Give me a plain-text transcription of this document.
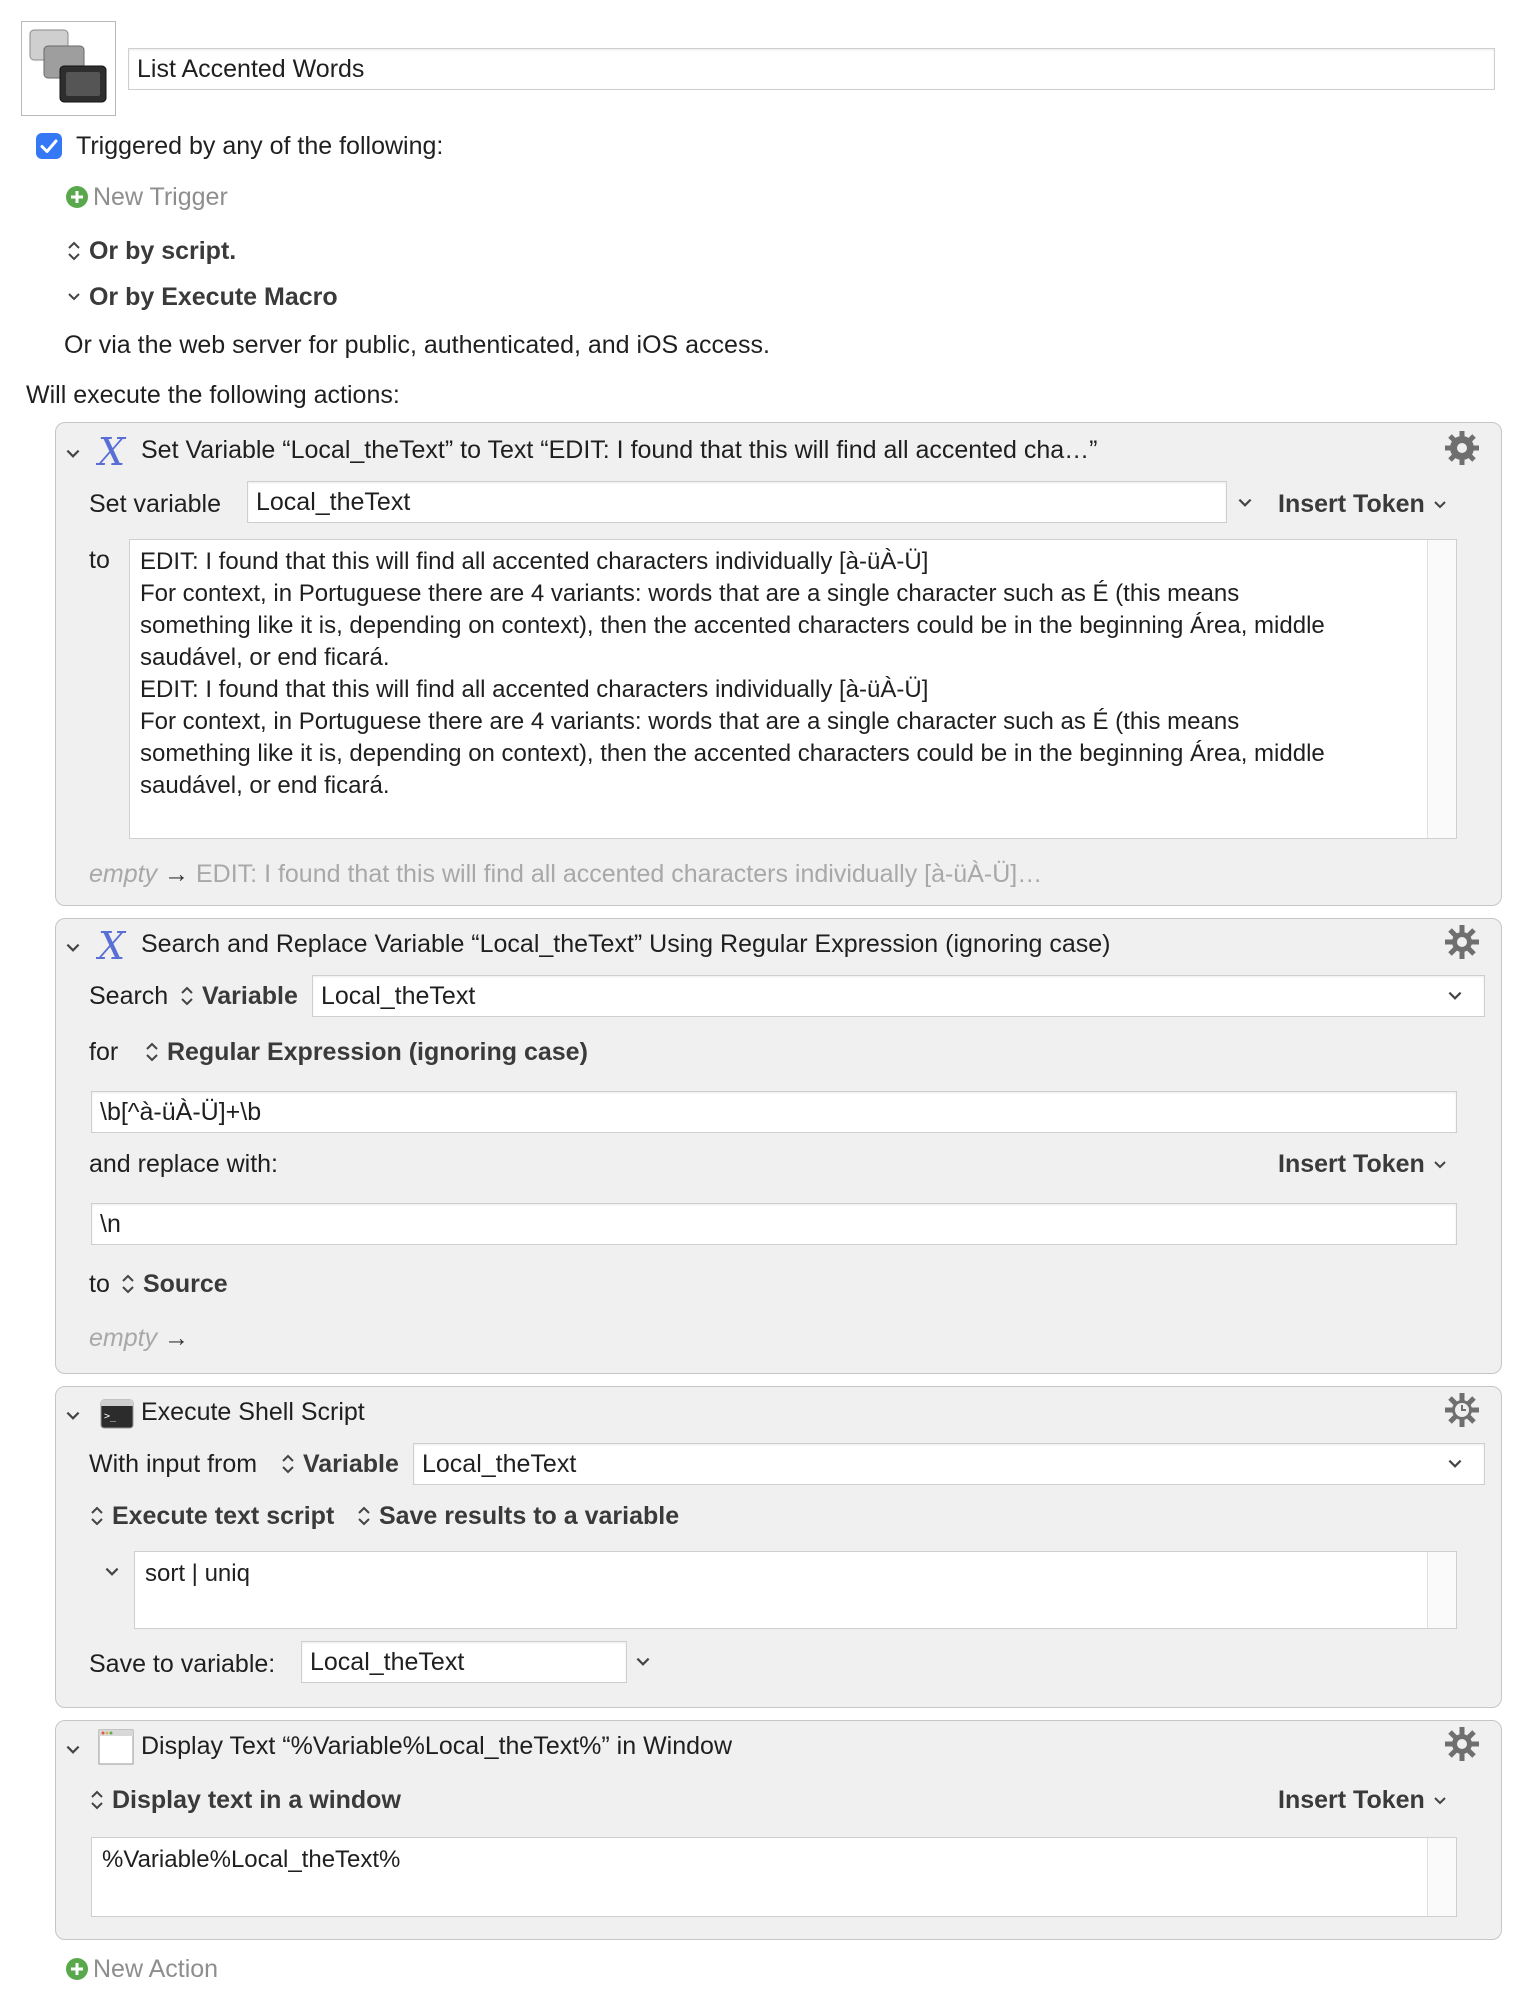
List Accented Words
Triggered by any of the following:
New Trigger
Or by script.
Or by Execute Macro
Or via the web server for public, authenticated, and iOS access.
Will execute the following actions:
X Set Variable “Local_theText” to Text “EDIT: I found that this will find all accented cha…”
Set variable	Local_theText	Insert Token
to EDIT: I found that this will find all accented characters individually [à-üÀ-Ü]
For context, in Portuguese there are 4 variants: words that are a single character such as É (this means
something like it is, depending on context), then the accented characters could be in the beginning Área, middle
saudável, or end ficará.
EDIT: I found that this will find all accented characters individually [à-üÀ-Ü]
For context, in Portuguese there are 4 variants: words that are a single character such as É (this means
something like it is, depending on context), then the accented characters could be in the beginning Área, middle
saudável, or end ficará.
empty → EDIT: I found that this will find all accented characters individually [à-üÀ-Ü]…
X Search and Replace Variable “Local_theText” Using Regular Expression (ignoring case)
Search	Variable Local_theText
for	Regular Expression (ignoring case)
\b[^à-üÀ-Ü]+\b
and replace with:	Insert Token
\n
to	Source
empty →
>_ Execute Shell Script
With input from	Variable Local_theText
Execute text script	Save results to a variable
sort | uniq
Save to variable:	Local_theText
Display Text “%Variable%Local_theText%” in Window
Display text in a window	Insert Token
%Variable%Local_theText%
New Action
